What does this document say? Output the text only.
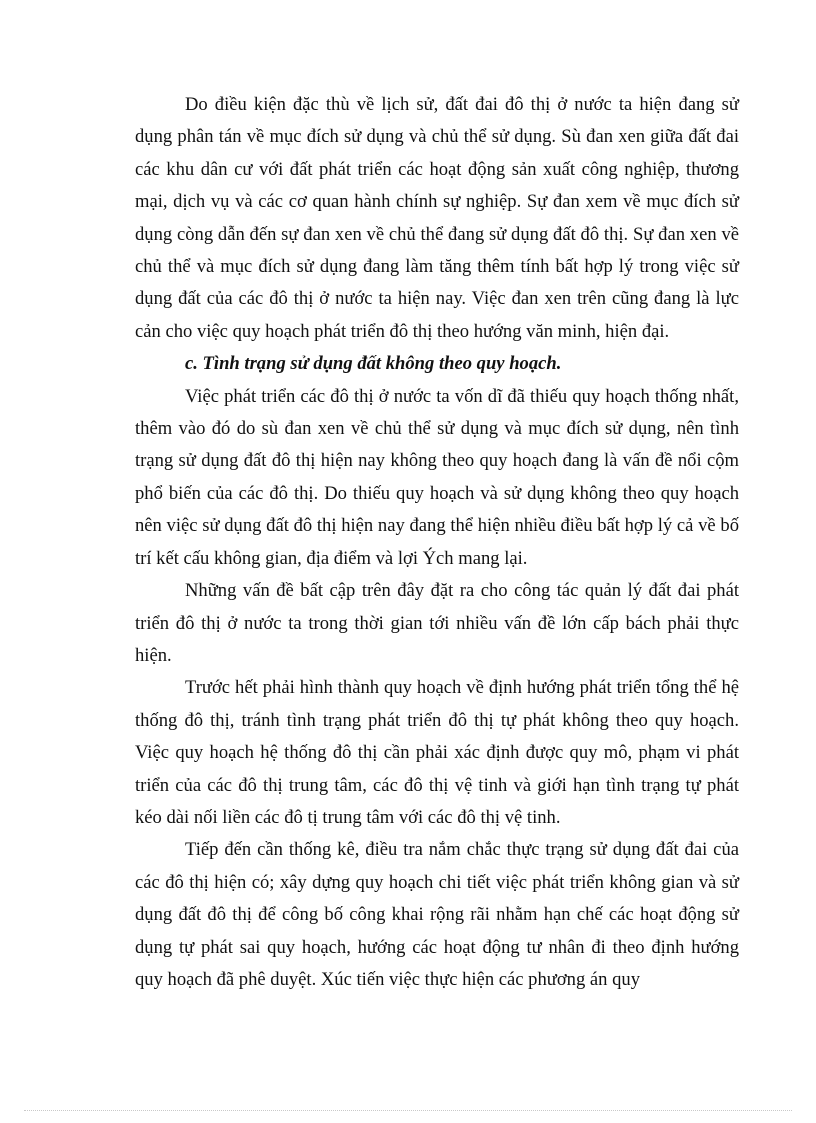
Do điều kiện đặc thù về lịch sử, đất đai đô thị ở nước ta hiện đang sử dụng phân tán về mục đích sử dụng và chủ thể sử dụng. Sù đan xen giữa đất đai các khu dân cư với đất phát triển các hoạt động sản xuất công nghiệp, thương mại, dịch vụ và các cơ quan hành chính sự nghiệp. Sự đan xem về mục đích sử dụng còng dẫn đến sự đan xen về chủ thể đang sử dụng đất đô thị. Sự đan xen về chủ thể và mục đích sử dụng đang làm tăng thêm tính bất hợp lý trong việc sử dụng đất của các đô thị ở nước ta hiện nay. Việc đan xen trên cũng đang là lực cản cho việc quy hoạch phát triển đô thị theo hướng văn minh, hiện đại.

c. Tình trạng sử dụng đất không theo quy hoạch.

Việc phát triển các đô thị ở nước ta vốn dĩ đã thiếu quy hoạch thống nhất, thêm vào đó do sù đan xen về chủ thể sử dụng và mục đích sử dụng, nên tình trạng sử dụng đất đô thị hiện nay không theo quy hoạch đang là vấn đề nổi cộm phổ biến của các đô thị. Do thiếu quy hoạch và sử dụng không theo quy hoạch nên việc sử dụng đất đô thị hiện nay đang thể hiện nhiều điều bất hợp lý cả về bố trí kết cấu không gian, địa điểm và lợi Ých mang lại.

Những vấn đề bất cập trên đây đặt ra cho công tác quản lý đất đai phát triển đô thị ở nước ta trong thời gian tới nhiều vấn đề lớn cấp bách phải thực hiện.

Trước hết phải hình thành quy hoạch về định hướng phát triển tổng thể hệ thống đô thị, tránh tình trạng phát triển đô thị tự phát không theo quy hoạch. Việc quy hoạch hệ thống đô thị cần phải xác định được quy mô, phạm vi phát triển của các đô thị trung tâm, các đô thị vệ tinh và giới hạn tình trạng tự phát kéo dài nối liền các đô tị trung tâm với các đô thị vệ tinh.

Tiếp đến cần thống kê, điều tra nắm chắc thực trạng sử dụng đất đai của các đô thị hiện có; xây dựng quy hoạch chi tiết việc phát triển không gian và sử dụng đất đô thị để công bố công khai rộng rãi nhằm hạn chế các hoạt động sử dụng tự phát sai quy hoạch, hướng các hoạt động tư nhân đi theo định hướng quy hoạch đã phê duyệt. Xúc tiến việc thực hiện các phương án quy
